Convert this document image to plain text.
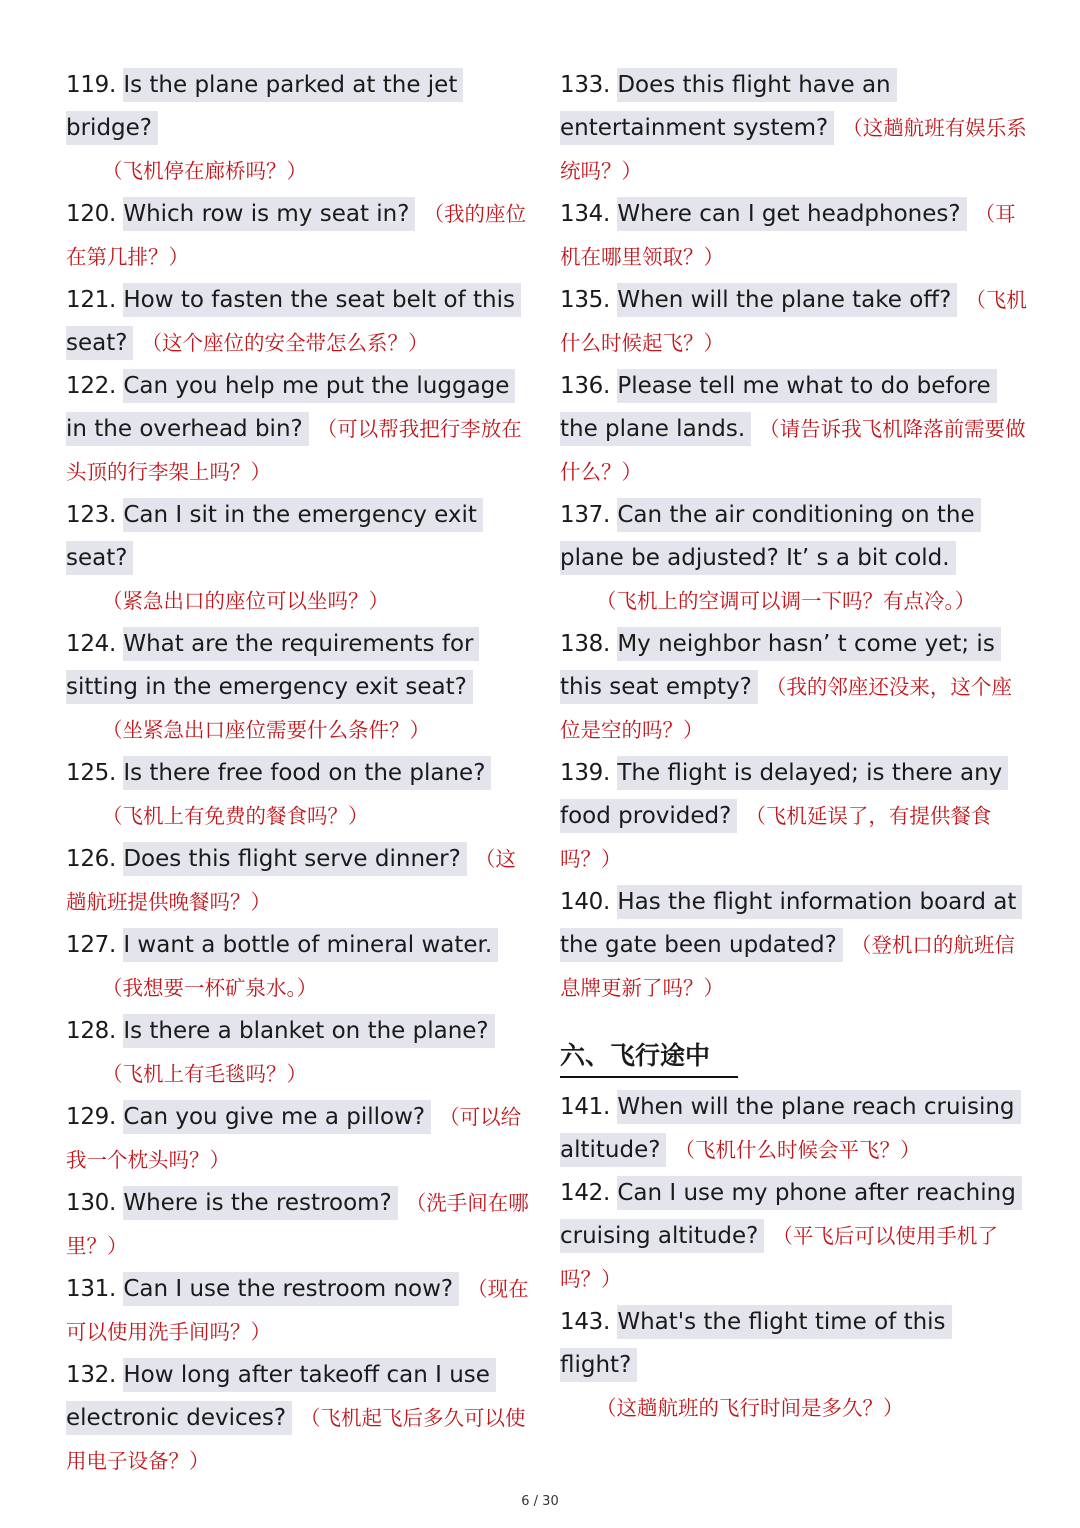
119. Is the plane parked at the jet bridge?
（飞机停在廊桥吗？）
120. Which row is my seat in? （我的座位在第几排？）
121. How to fasten the seat belt of this seat? （这个座位的安全带怎么系？）
122. Can you help me put the luggage in the overhead bin? （可以帮我把行李放在头顶的行李架上吗？）
123. Can I sit in the emergency exit seat?
（紧急出口的座位可以坐吗？）
124. What are the requirements for sitting in the emergency exit seat?
（坐紧急出口座位需要什么条件？）
125. Is there free food on the plane?
（飞机上有免费的餐食吗？）
126. Does this flight serve dinner? （这趟航班提供晚餐吗？）
127. I want a bottle of mineral water.
（我想要一杯矿泉水。）
128. Is there a blanket on the plane?
（飞机上有毛毯吗？）
129. Can you give me a pillow? （可以给我一个枕头吗？）
130. Where is the restroom? （洗手间在哪里？）
131. Can I use the restroom now? （现在可以使用洗手间吗？）
132. How long after takeoff can I use electronic devices? （飞机起飞后多久可以使用电子设备？）
133. Does this flight have an entertainment system? （这趟航班有娱乐系统吗？）
134. Where can I get headphones? （耳机在哪里领取？）
135. When will the plane take off? （飞机什么时候起飞？）
136. Please tell me what to do before the plane lands. （请告诉我飞机降落前需要做什么？）
137. Can the air conditioning on the plane be adjusted? It’ s a bit cold.
（飞机上的空调可以调一下吗？有点冷。）
138. My neighbor hasn’ t come yet; is this seat empty? （我的邻座还没来，这个座位是空的吗？）
139. The flight is delayed; is there any food provided? （飞机延误了，有提供餐食吗？）
140. Has the flight information board at the gate been updated? （登机口的航班信息牌更新了吗？）
六、飞行途中
141. When will the plane reach cruising altitude? （飞机什么时候会平飞？）
142. Can I use my phone after reaching cruising altitude? （平飞后可以使用手机了吗？）
143. What's the flight time of this flight?
（这趟航班的飞行时间是多久？）
6 / 30
